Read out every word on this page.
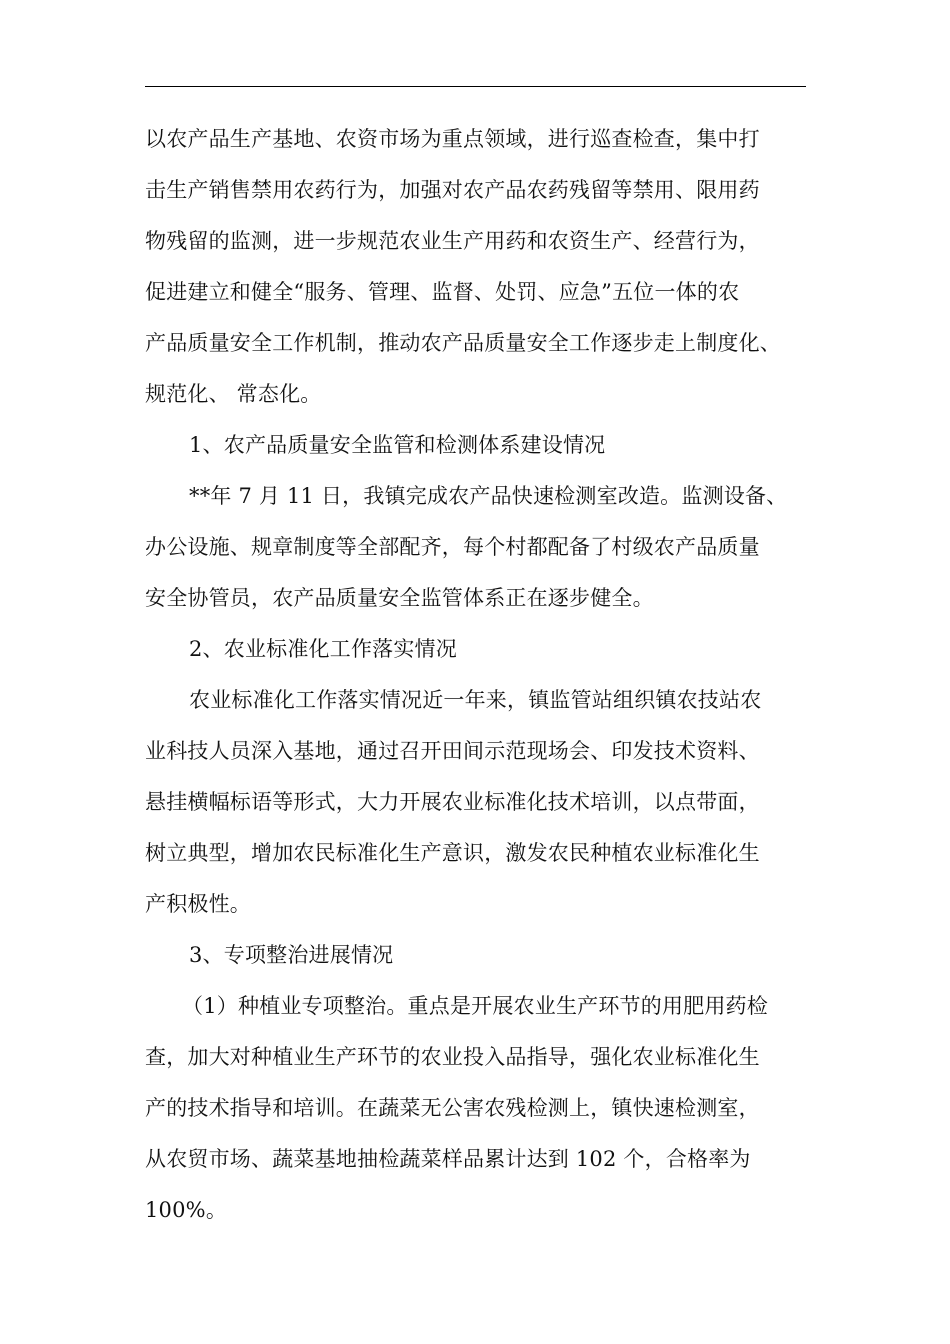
以农产品生产基地、农资市场为重点领域，进行巡查检查，集中打
击生产销售禁用农药行为，加强对农产品农药残留等禁用、限用药
物残留的监测，进一步规范农业生产用药和农资生产、经营行为，
促进建立和健全“服务、管理、监督、处罚、应急”五位一体的农
产品质量安全工作机制，推动农产品质量安全工作逐步走上制度化、
规范化、 常态化。
1、农产品质量安全监管和检测体系建设情况
**年 7 月 11 日，我镇完成农产品快速检测室改造。监测设备、
办公设施、规章制度等全部配齐，每个村都配备了村级农产品质量
安全协管员，农产品质量安全监管体系正在逐步健全。
2、农业标准化工作落实情况
农业标准化工作落实情况近一年来，镇监管站组织镇农技站农
业科技人员深入基地，通过召开田间示范现场会、印发技术资料、
悬挂横幅标语等形式，大力开展农业标准化技术培训，以点带面，
树立典型，增加农民标准化生产意识，激发农民种植农业标准化生
产积极性。
3、专项整治进展情况
（1）种植业专项整治。重点是开展农业生产环节的用肥用药检
查，加大对种植业生产环节的农业投入品指导，强化农业标准化生
产的技术指导和培训。在蔬菜无公害农残检测上，镇快速检测室，
从农贸市场、蔬菜基地抽检蔬菜样品累计达到 102 个，合格率为
100%。
